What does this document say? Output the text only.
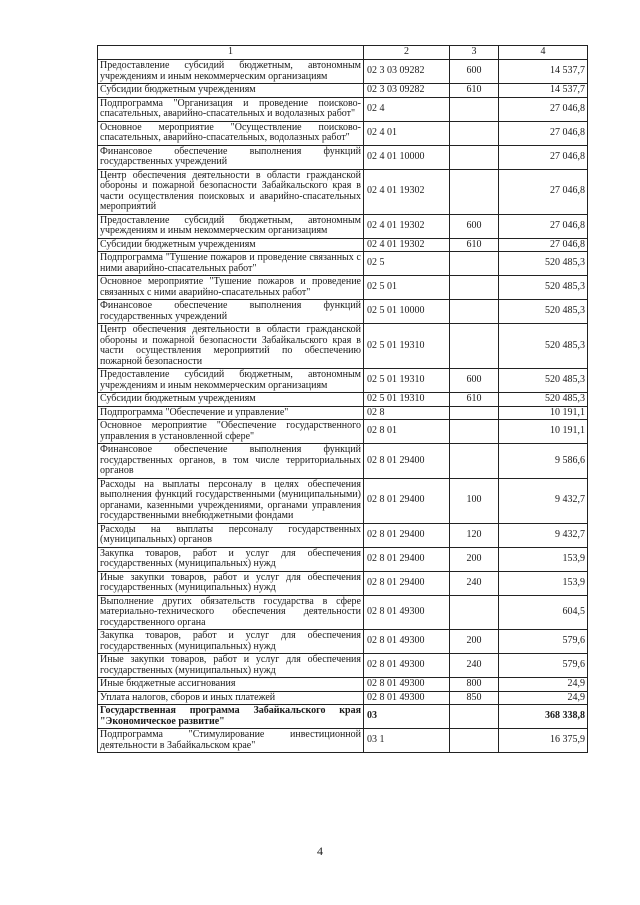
1	2	3	4
Предоставление субсидий бюджетным, автономным учреждениям и иным некоммерческим организациям	02 3 03 09282	600	14 537,7
Субсидии бюджетным учреждениям	02 3 03 09282	610	14 537,7
Подпрограмма "Организация и проведение поисково-спасательных, аварийно-спасательных и водолазных работ"	02 4		27 046,8
Основное мероприятие "Осуществление поисково-спасательных, аварийно-спасательных, водолазных работ"	02 4 01		27 046,8
Финансовое обеспечение выполнения функций государственных учреждений	02 4 01 10000		27 046,8
Центр обеспечения деятельности в области гражданской обороны и пожарной безопасности Забайкальского края в части осуществления поисковых и аварийно-спасательных мероприятий	02 4 01 19302		27 046,8
Предоставление субсидий бюджетным, автономным учреждениям и иным некоммерческим организациям	02 4 01 19302	600	27 046,8
Субсидии бюджетным учреждениям	02 4 01 19302	610	27 046,8
Подпрограмма "Тушение пожаров и проведение связанных с ними аварийно-спасательных работ"	02 5		520 485,3
Основное мероприятие "Тушение пожаров и проведение связанных с ними аварийно-спасательных работ"	02 5 01		520 485,3
Финансовое обеспечение выполнения функций государственных учреждений	02 5 01 10000		520 485,3
Центр обеспечения деятельности в области гражданской обороны и пожарной безопасности Забайкальского края в части осуществления мероприятий по обеспечению пожарной безопасности	02 5 01 19310		520 485,3
Предоставление субсидий бюджетным, автономным учреждениям и иным некоммерческим организациям	02 5 01 19310	600	520 485,3
Субсидии бюджетным учреждениям	02 5 01 19310	610	520 485,3
Подпрограмма "Обеспечение и управление"	02 8		10 191,1
Основное мероприятие "Обеспечение государственного управления в установленной сфере"	02 8 01		10 191,1
Финансовое обеспечение выполнения функций государственных органов, в том числе территориальных органов	02 8 01 29400		9 586,6
Расходы на выплаты персоналу в целях обеспечения выполнения функций государственными (муниципальными) органами, казенными учреждениями, органами управления государственными внебюджетными фондами	02 8 01 29400	100	9 432,7
Расходы на выплаты персоналу государственных (муниципальных) органов	02 8 01 29400	120	9 432,7
Закупка товаров, работ и услуг для обеспечения государственных (муниципальных) нужд	02 8 01 29400	200	153,9
Иные закупки товаров, работ и услуг для обеспечения государственных (муниципальных) нужд	02 8 01 29400	240	153,9
Выполнение других обязательств государства в сфере материально-технического обеспечения деятельности государственного органа	02 8 01 49300		604,5
Закупка товаров, работ и услуг для обеспечения государственных (муниципальных) нужд	02 8 01 49300	200	579,6
Иные закупки товаров, работ и услуг для обеспечения государственных (муниципальных) нужд	02 8 01 49300	240	579,6
Иные бюджетные ассигнования	02 8 01 49300	800	24,9
Уплата налогов, сборов и иных платежей	02 8 01 49300	850	24,9
Государственная программа Забайкальского края "Экономическое развитие"	03		368 338,8
Подпрограмма "Стимулирование инвестиционной деятельности в Забайкальском крае"	03 1		16 375,9
4
